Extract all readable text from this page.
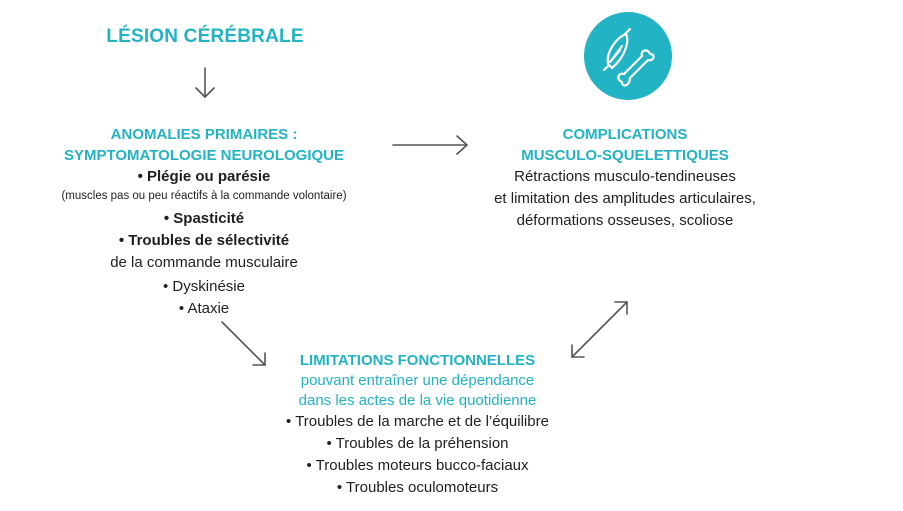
LÉSION CÉRÉBRALE
ANOMALIES PRIMAIRES :
SYMPTOMATOLOGIE NEUROLOGIQUE
• Plégie ou parésie
(muscles pas ou peu réactifs à la commande volontaire)
• Spasticité
• Troubles de sélectivité
de la commande musculaire
• Dyskinésie
• Ataxie
COMPLICATIONS
MUSCULO-SQUELETTIQUES
Rétractions musculo-tendineuses
et limitation des amplitudes articulaires,
déformations osseuses, scoliose
LIMITATIONS FONCTIONNELLES
pouvant entraîner une dépendance
dans les actes de la vie quotidienne
• Troubles de la marche et de l’équilibre
• Troubles de la préhension
• Troubles moteurs bucco-faciaux
• Troubles oculomoteurs
